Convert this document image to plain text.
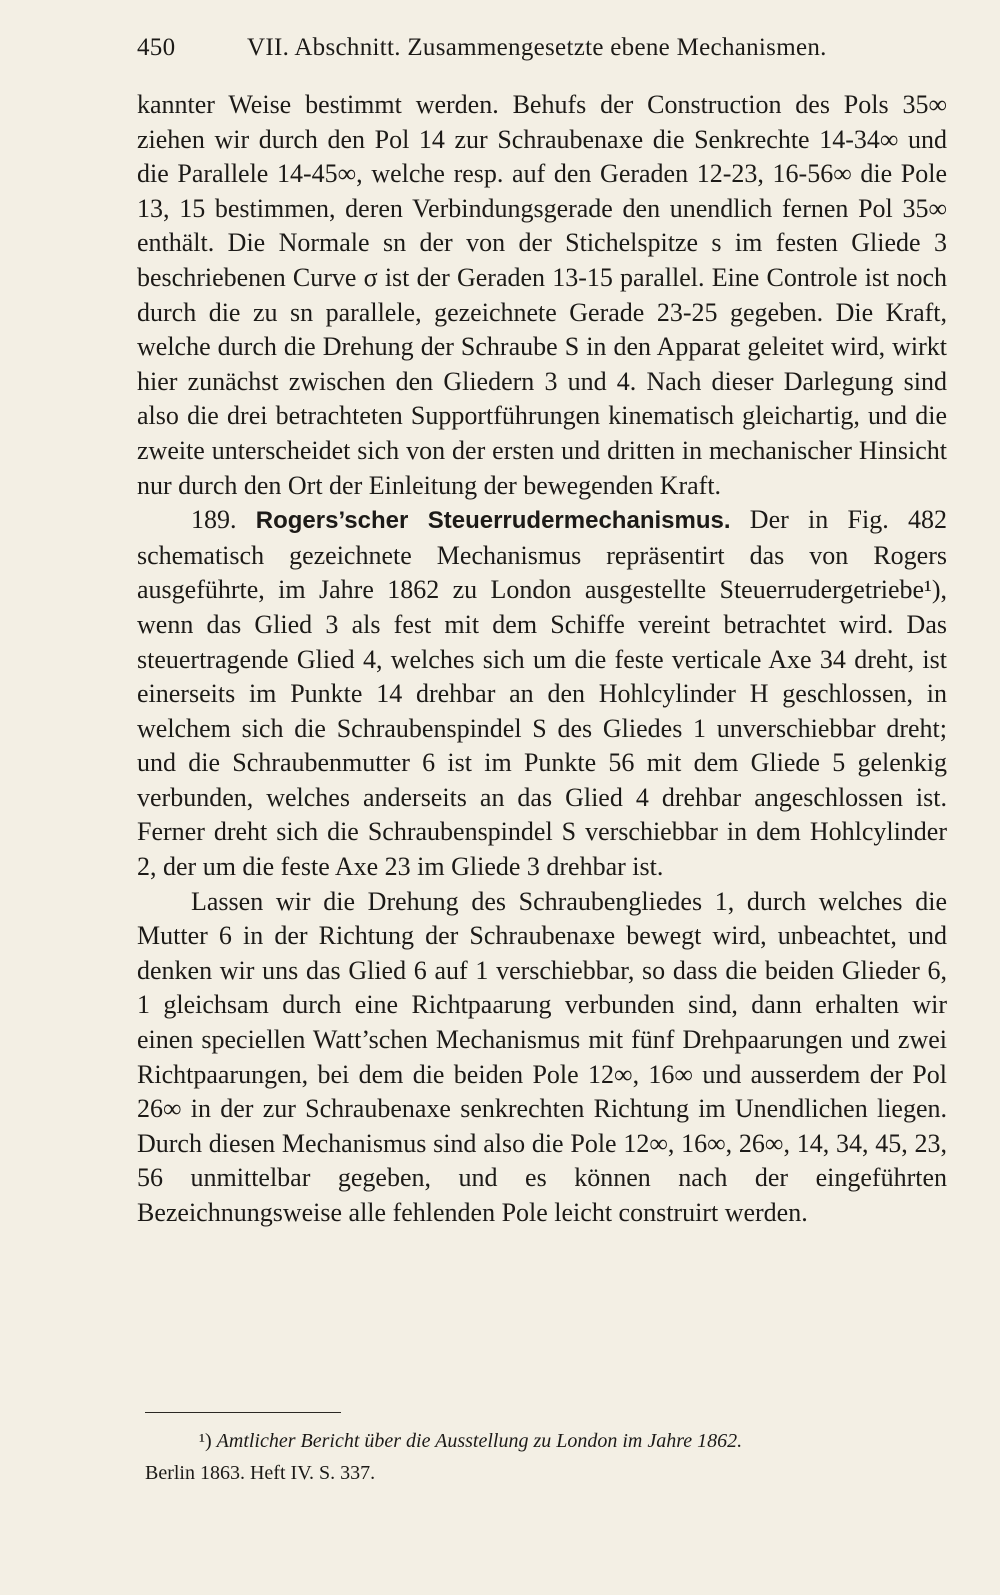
450	VII. Abschnitt. Zusammengesetzte ebene Mechanismen.

kannter Weise bestimmt werden. Behufs der Construction des Pols 35∞ ziehen wir durch den Pol 14 zur Schraubenaxe die Senkrechte 14-34∞ und die Parallele 14-45∞, welche resp. auf den Geraden 12-23, 16-56∞ die Pole 13, 15 bestimmen, deren Verbindungsgerade den unendlich fernen Pol 35∞ enthält. Die Normale sn der von der Stichelspitze s im festen Gliede 3 beschriebenen Curve σ ist der Geraden 13-15 parallel. Eine Controle ist noch durch die zu sn parallele, gezeichnete Gerade 23-25 gegeben. Die Kraft, welche durch die Drehung der Schraube S in den Apparat geleitet wird, wirkt hier zunächst zwischen den Gliedern 3 und 4. Nach dieser Darlegung sind also die drei betrachteten Supportführungen kinematisch gleichartig, und die zweite unterscheidet sich von der ersten und dritten in mechanischer Hinsicht nur durch den Ort der Einleitung der bewegenden Kraft.

189. Rogers’scher Steuerrudermechanismus. Der in Fig. 482 schematisch gezeichnete Mechanismus repräsentirt das von Rogers ausgeführte, im Jahre 1862 zu London ausgestellte Steuerrudergetriebe¹), wenn das Glied 3 als fest mit dem Schiffe vereint betrachtet wird. Das steuertragende Glied 4, welches sich um die feste verticale Axe 34 dreht, ist einerseits im Punkte 14 drehbar an den Hohlcylinder H geschlossen, in welchem sich die Schraubenspindel S des Gliedes 1 unverschiebbar dreht; und die Schraubenmutter 6 ist im Punkte 56 mit dem Gliede 5 gelenkig verbunden, welches anderseits an das Glied 4 drehbar angeschlossen ist. Ferner dreht sich die Schraubenspindel S verschiebbar in dem Hohlcylinder 2, der um die feste Axe 23 im Gliede 3 drehbar ist.

Lassen wir die Drehung des Schraubengliedes 1, durch welches die Mutter 6 in der Richtung der Schraubenaxe bewegt wird, unbeachtet, und denken wir uns das Glied 6 auf 1 verschiebbar, so dass die beiden Glieder 6, 1 gleichsam durch eine Richtpaarung verbunden sind, dann erhalten wir einen speciellen Watt’schen Mechanismus mit fünf Drehpaarungen und zwei Richtpaarungen, bei dem die beiden Pole 12∞, 16∞ und ausserdem der Pol 26∞ in der zur Schraubenaxe senkrechten Richtung im Unendlichen liegen. Durch diesen Mechanismus sind also die Pole 12∞, 16∞, 26∞, 14, 34, 45, 23, 56 unmittelbar gegeben, und es können nach der eingeführten Bezeichnungsweise alle fehlenden Pole leicht construirt werden.

¹) Amtlicher Bericht über die Ausstellung zu London im Jahre 1862.
Berlin 1863. Heft IV. S. 337.
